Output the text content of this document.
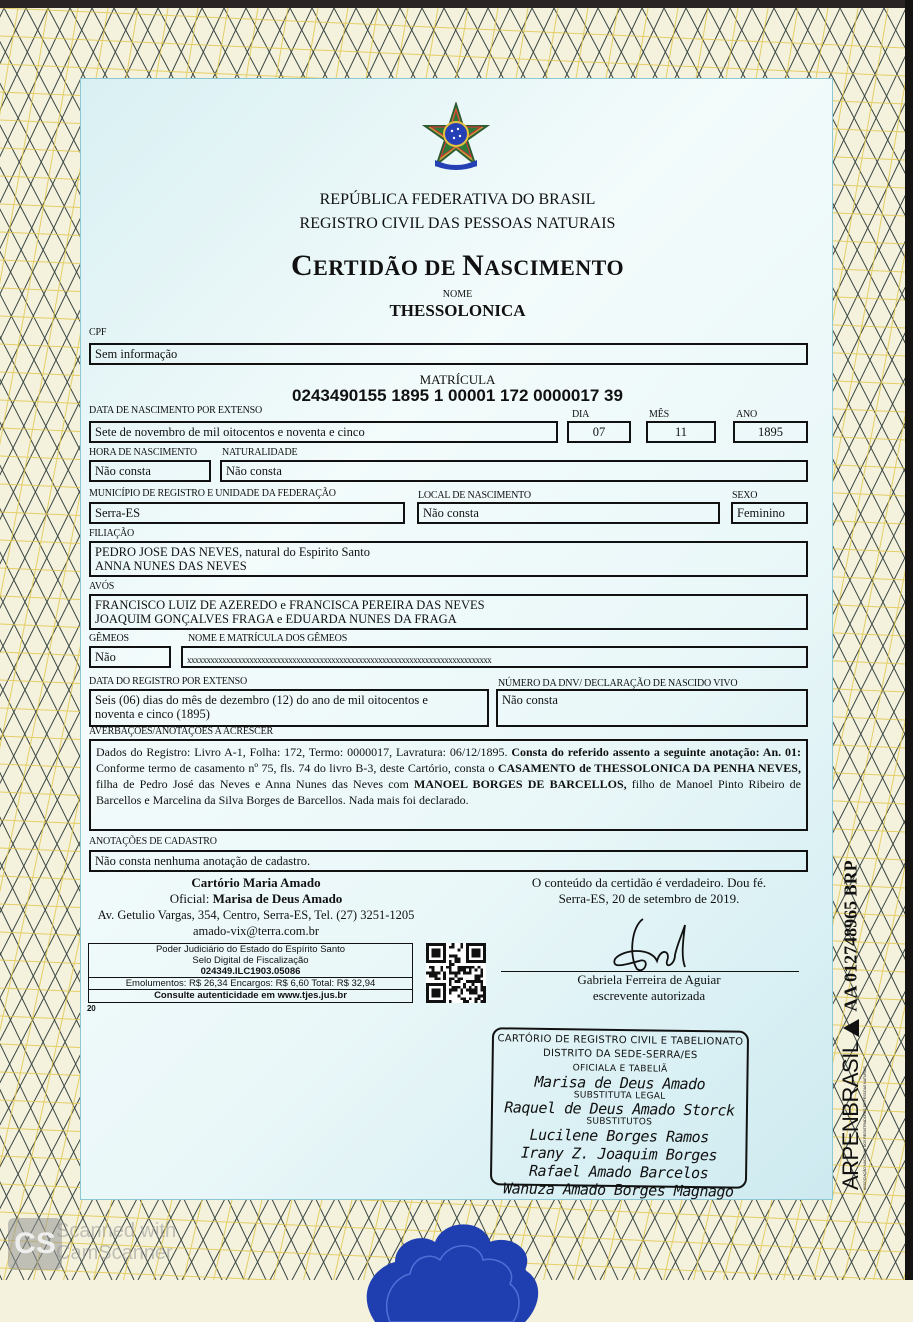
REPÚBLICA FEDERATIVA DO BRASIL
REGISTRO CIVIL DAS PESSOAS NATURAIS
CERTIDÃO DE NASCIMENTO
NOME
THESSOLONICA
CPF
Sem informação
MATRÍCULA
0243490155 1895 1 00001 172 0000017 39
DATA DE NASCIMENTO POR EXTENSO	DIA	MÊS	ANO
Sete de novembro de mil oitocentos e noventa e cinco	07	11	1895
HORA DE NASCIMENTO	NATURALIDADE
Não consta	Não consta
MUNICÍPIO DE REGISTRO E UNIDADE DA FEDERAÇÃO	LOCAL DE NASCIMENTO	SEXO
Serra-ES	Não consta	Feminino
FILIAÇÃO
PEDRO JOSE DAS NEVES, natural do Espirito Santo
ANNA NUNES DAS NEVES
AVÓS
FRANCISCO LUIZ DE AZEREDO e FRANCISCA PEREIRA DAS NEVES
JOAQUIM GONÇALVES FRAGA e EDUARDA NUNES DA FRAGA
GÊMEOS	NOME E MATRÍCULA DOS GÊMEOS
Não	xxxxxxxxxxxxxxxxxxxxxxxxxxxxxxxxxxxxxxxxxxxxxxxxxxxxxxxxxxxxxxxxxxxxxxxxxxxxxx
DATA DO REGISTRO POR EXTENSO	NÚMERO DA DNV/ DECLARAÇÃO DE NASCIDO VIVO
Seis (06) dias do mês de dezembro (12) do ano de mil oitocentos e
noventa e cinco (1895)
Não consta
AVERBAÇÕES/ANOTAÇÕES A ACRESCER
Dados do Registro: Livro A-1, Folha: 172, Termo: 0000017, Lavratura: 06/12/1895. Consta do referido assento a seguinte anotação: An. 01: Conforme termo de casamento nº 75, fls. 74 do livro B-3, deste Cartório, consta o CASAMENTO de THESSOLONICA DA PENHA NEVES, filha de Pedro José das Neves e Anna Nunes das Neves com MANOEL BORGES DE BARCELLOS, filho de Manoel Pinto Ribeiro de Barcellos e Marcelina da Silva Borges de Barcellos. Nada mais foi declarado.
ANOTAÇÕES DE CADASTRO
Não consta nenhuma anotação de cadastro.
Cartório Maria Amado
Oficial: Marisa de Deus Amado
Av. Getulio Vargas, 354, Centro, Serra-ES, Tel. (27) 3251-1205
amado-vix@terra.com.br
O conteúdo da certidão é verdadeiro. Dou fé.
Serra-ES, 20 de setembro de 2019.
Gabriela Ferreira de Aguiar
escrevente autorizada
Poder Judiciário do Estado do Espírito Santo
Selo Digital de Fiscalização
024349.ILC1903.05086
Emolumentos: R$ 26,34 Encargos: R$ 6,60 Total: R$ 32,94
Consulte autenticidade em www.tjes.jus.br
20
CARTÓRIO DE REGISTRO CIVIL E TABELIONATO
DISTRITO DA SEDE-SERRA/ES
OFICIALA E TABELIÃ
Marisa de Deus Amado
SUBSTITUTA LEGAL
Raquel de Deus Amado Storck
SUBSTITUTOS
Lucilene Borges Ramos
Irany Z. Joaquim Borges
Rafael Amado Barcelos
Wanuza Amado Borges Magnago	ARPENBRASIL AA 012748965 BRP
ASSOCIAÇÃO NACIONAL DOS REGISTRADORES DE PESSOAS NATURAIS
CS Scanned with
CamScanner
